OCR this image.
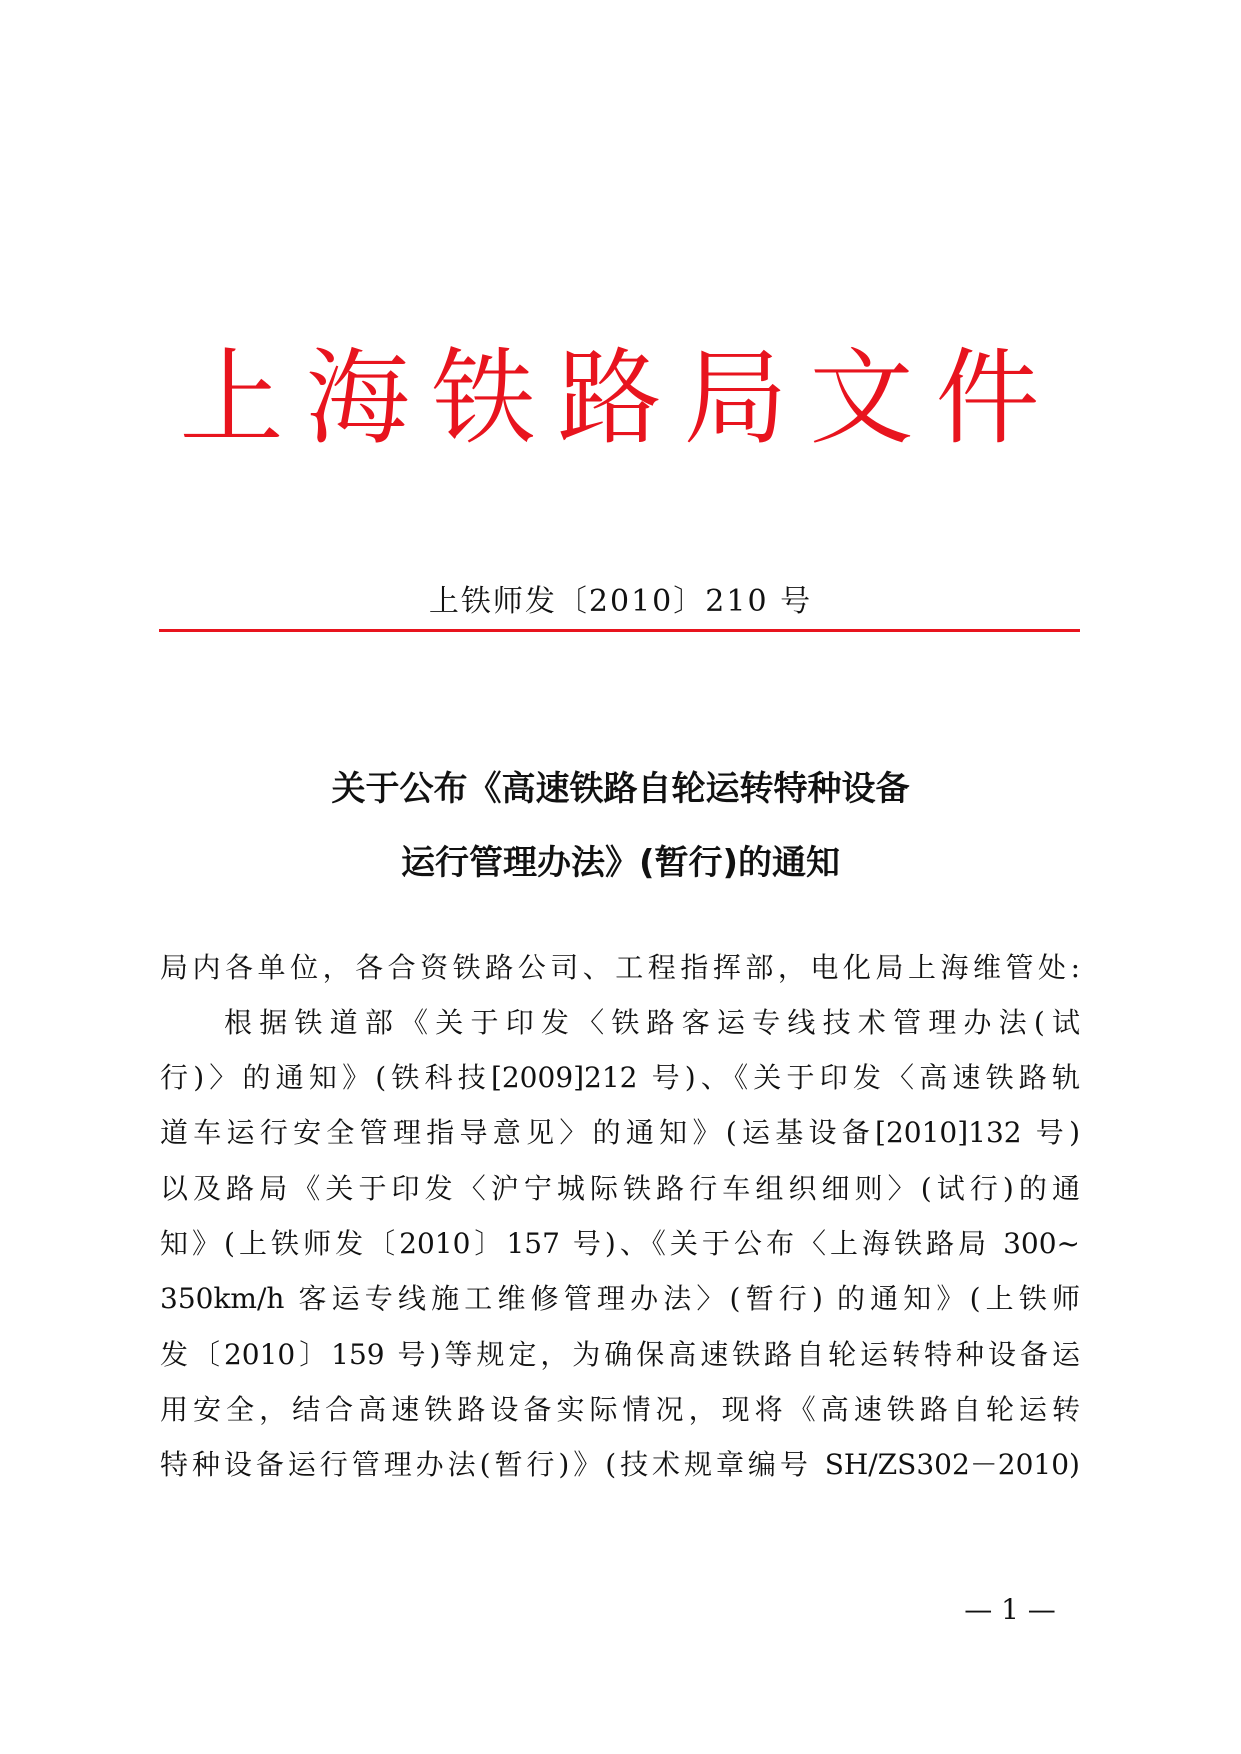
上海铁路局文件
上铁师发〔2010〕210 号
关于公布《高速铁路自轮运转特种设备
运行管理办法》(暂行)的通知
局内各单位，各合资铁路公司、工程指挥部，电化局上海维管处:
根据铁道部《关于印发〈铁路客运专线技术管理办法(试
行)〉的通知》(铁科技[2009]212 号)、《关于印发〈高速铁路轨
道车运行安全管理指导意见〉的通知》(运基设备[2010]132 号)
以及路局《关于印发〈沪宁城际铁路行车组织细则〉(试行)的通
知》(上铁师发〔2010〕157 号)、《关于公布〈上海铁路局 300~
350km/h 客运专线施工维修管理办法〉(暂行) 的通知》(上铁师
发〔2010〕159 号)等规定，为确保高速铁路自轮运转特种设备运
用安全，结合高速铁路设备实际情况，现将《高速铁路自轮运转
特种设备运行管理办法(暂行)》(技术规章编号 SH/ZS302－2010)
— 1 —
